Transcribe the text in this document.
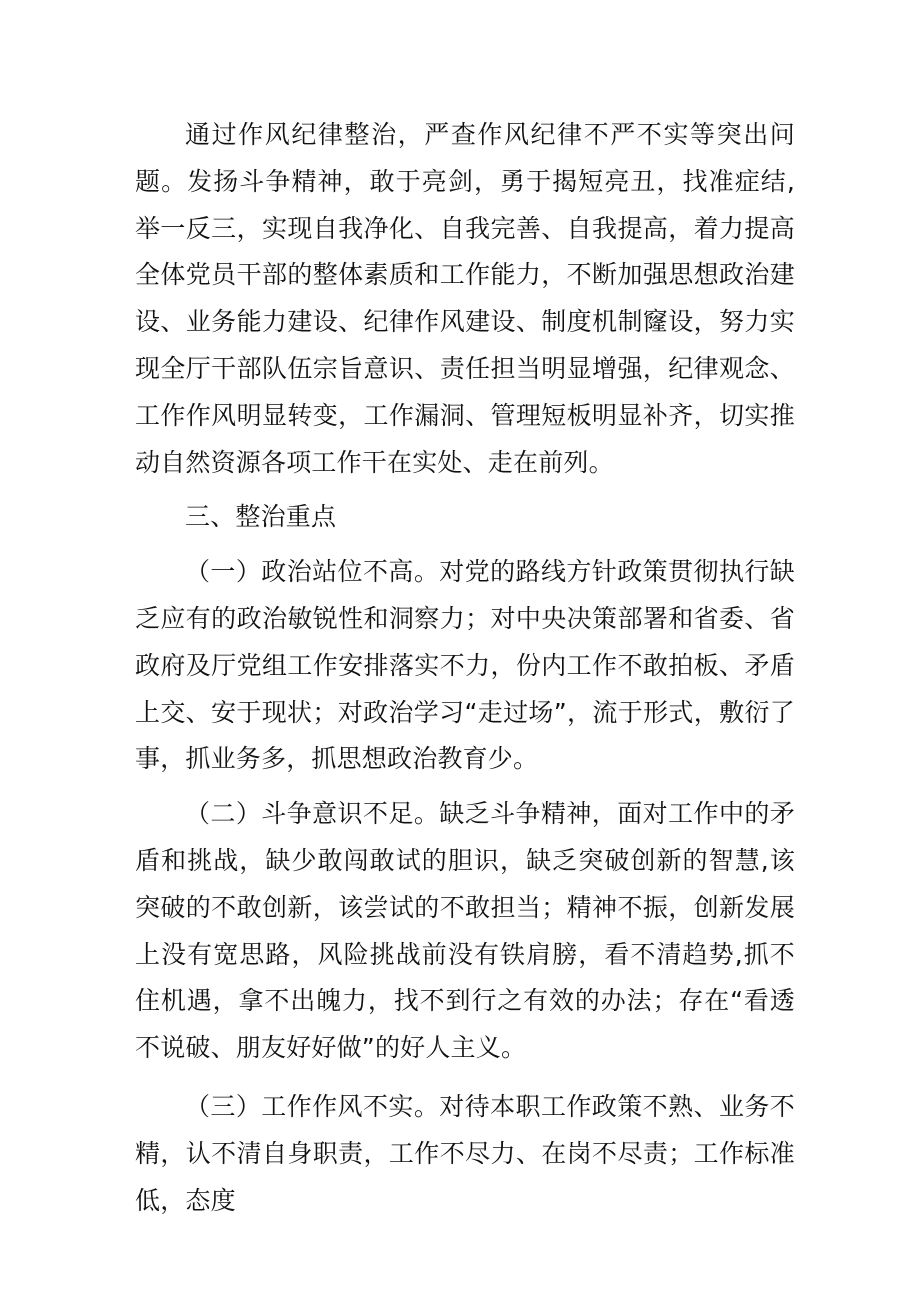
通过作风纪律整治，严查作风纪律不严不实等突出问题。发扬斗争精神，敢于亮剑，勇于揭短亮丑，找准症结,举一反三，实现自我净化、自我完善、自我提高，着力提高全体党员干部的整体素质和工作能力，不断加强思想政治建设、业务能力建设、纪律作风建设、制度机制窿设，努力实现全厅干部队伍宗旨意识、责任担当明显增强，纪律观念、工作作风明显转变，工作漏洞、管理短板明显补齐，切实推动自然资源各项工作干在实处、走在前列。

三、整治重点

（一）政治站位不高。对党的路线方针政策贯彻执行缺乏应有的政治敏锐性和洞察力；对中央决策部署和省委、省政府及厅党组工作安排落实不力，份内工作不敢拍板、矛盾上交、安于现状；对政治学习“走过场”，流于形式，敷衍了事，抓业务多，抓思想政治教育少。

（二）斗争意识不足。缺乏斗争精神，面对工作中的矛盾和挑战，缺少敢闯敢试的胆识，缺乏突破创新的智慧,该突破的不敢创新，该尝试的不敢担当；精神不振，创新发展上没有宽思路，风险挑战前没有铁肩膀，看不清趋势,抓不住机遇，拿不出魄力，找不到行之有效的办法；存在“看透不说破、朋友好好做”的好人主义。

（三）工作作风不实。对待本职工作政策不熟、业务不精，认不清自身职责，工作不尽力、在岗不尽责；工作标准低，态度
